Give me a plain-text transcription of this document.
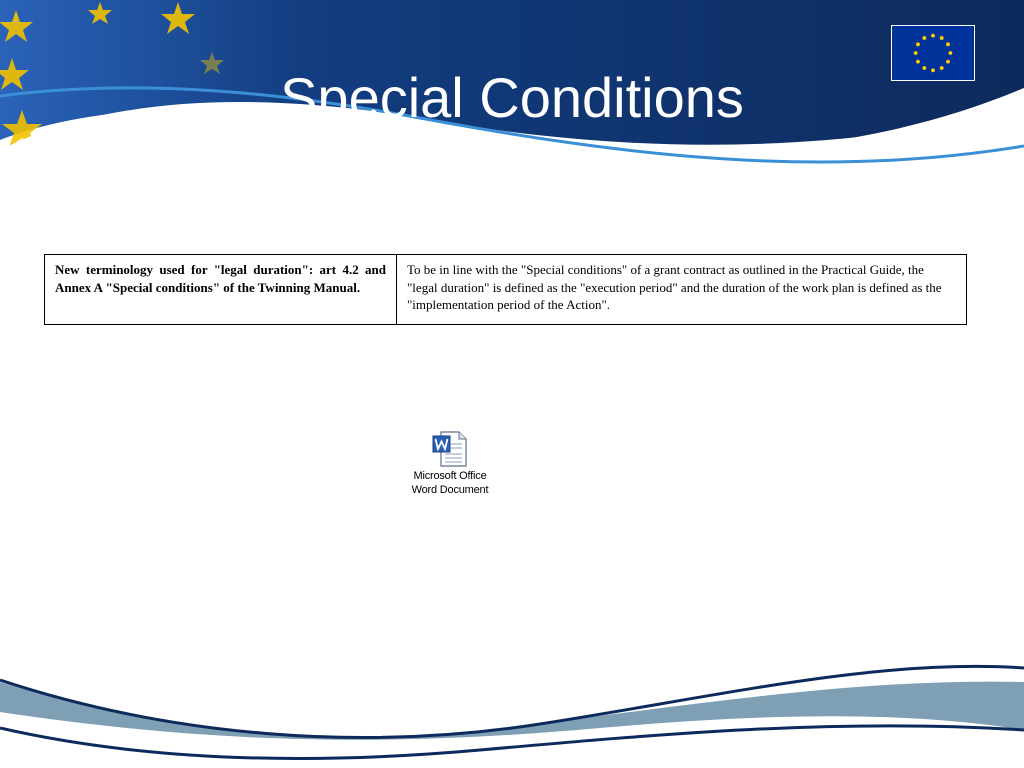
Special Conditions
New terminology used for "legal duration": art 4.2 and Annex A "Special conditions" of the Twinning Manual.	To be in line with the "Special conditions" of a grant contract as outlined in the Practical Guide, the "legal duration" is defined as the "execution period" and the duration of the work plan is defined as the "implementation period of the Action".
Microsoft Office
Word Document
